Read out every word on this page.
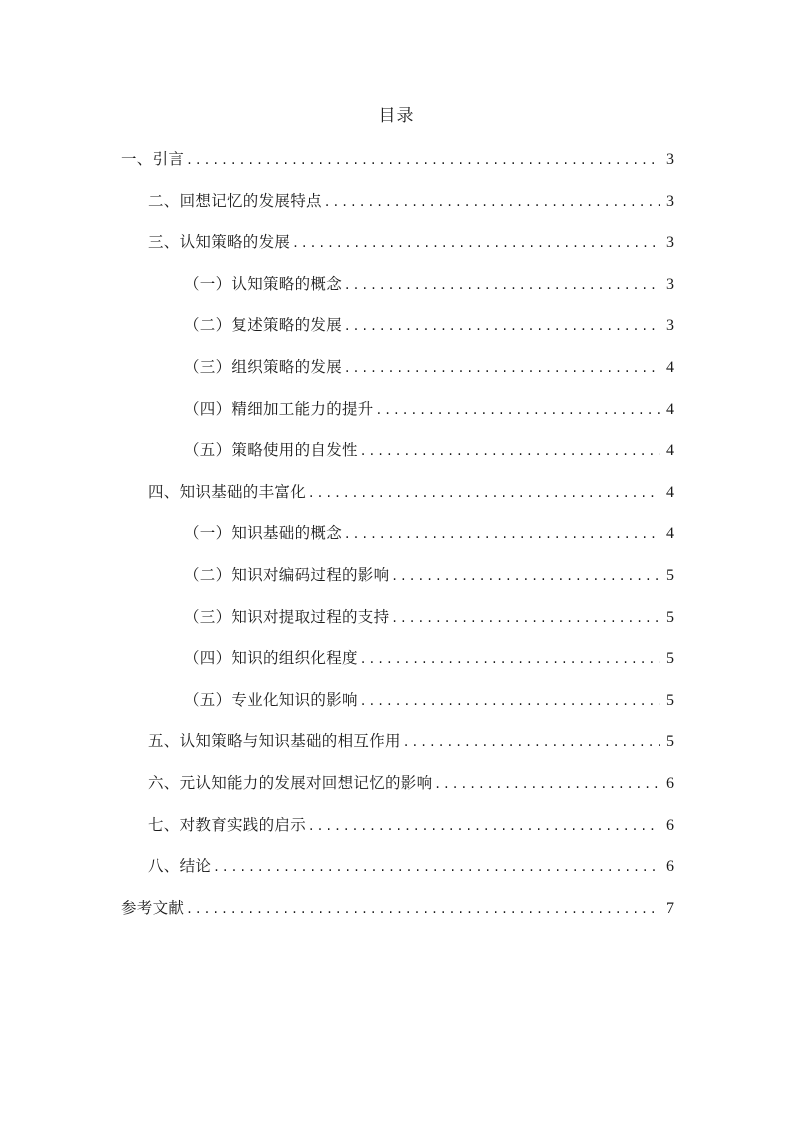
目录
一、引言 .....	3
二、回想记忆的发展特点 .....	3
三、认知策略的发展 .....	3
（一）认知策略的概念 .....	3
（二）复述策略的发展 .....	3
（三）组织策略的发展 .....	4
（四）精细加工能力的提升 .....	4
（五）策略使用的自发性 .....	4
四、知识基础的丰富化 .....	4
（一）知识基础的概念 .....	4
（二）知识对编码过程的影响 .....	5
（三）知识对提取过程的支持 .....	5
（四）知识的组织化程度 .....	5
（五）专业化知识的影响 .....	5
五、认知策略与知识基础的相互作用 .....	5
六、元认知能力的发展对回想记忆的影响 .....	6
七、对教育实践的启示 .....	6
八、结论 .....	6
参考文献 .....	7
